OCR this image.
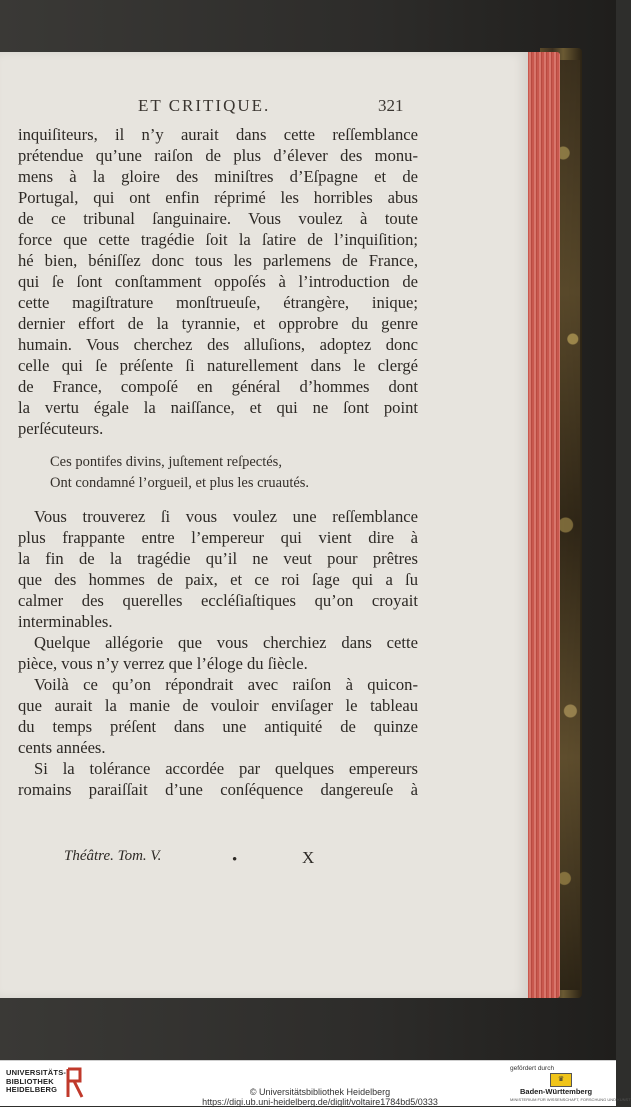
ET CRITIQUE.	321

inquiſiteurs, il n’y aurait dans cette reſſemblance
prétendue qu’une raiſon de plus d’élever des monu-
mens à la gloire des miniſtres d’Eſpagne et de
Portugal, qui ont enfin réprimé les horribles abus
de ce tribunal ſanguinaire. Vous voulez à toute
force que cette tragédie ſoit la ſatire de l’inquiſition;
hé bien, béniſſez donc tous les parlemens de France,
qui ſe ſont conſtamment oppoſés à l’introduction de
cette magiſtrature monſtrueuſe, étrangère, inique;
dernier effort de la tyrannie, et opprobre du genre
humain. Vous cherchez des alluſions, adoptez donc
celle qui ſe préſente ſi naturellement dans le clergé
de France, compoſé en général d’hommes dont
la vertu égale la naiſſance, et qui ne ſont point
perſécuteurs.

Ces pontifes divins, juſtement reſpectés,
Ont condamné l’orgueil, et plus les cruautés.

Vous trouverez ſi vous voulez une reſſemblance
plus frappante entre l’empereur qui vient dire à
la fin de la tragédie qu’il ne veut pour prêtres
que des hommes de paix, et ce roi ſage qui a ſu
calmer des querelles eccléſiaſtiques qu’on croyait
interminables.

Quelque allégorie que vous cherchiez dans cette
pièce, vous n’y verrez que l’éloge du ſiècle.

Voilà ce qu’on répondrait avec raiſon à quicon-
que aurait la manie de vouloir enviſager le tableau
du temps préſent dans une antiquité de quinze
cents années.

Si la tolérance accordée par quelques empereurs
romains paraiſſait d’une conſéquence dangereuſe à

Théâtre. Tom. V.	•	X
UNIVERSITÄTS-
BIBLIOTHEK
HEIDELBERG	© Universitätsbibliothek Heidelberg
https://digi.ub.uni-heidelberg.de/diglit/voltaire1784bd5/0333
gefördert durch
♛
Baden-Württemberg
MINISTERIUM FÜR WISSENSCHAFT, FORSCHUNG UND KUNST
